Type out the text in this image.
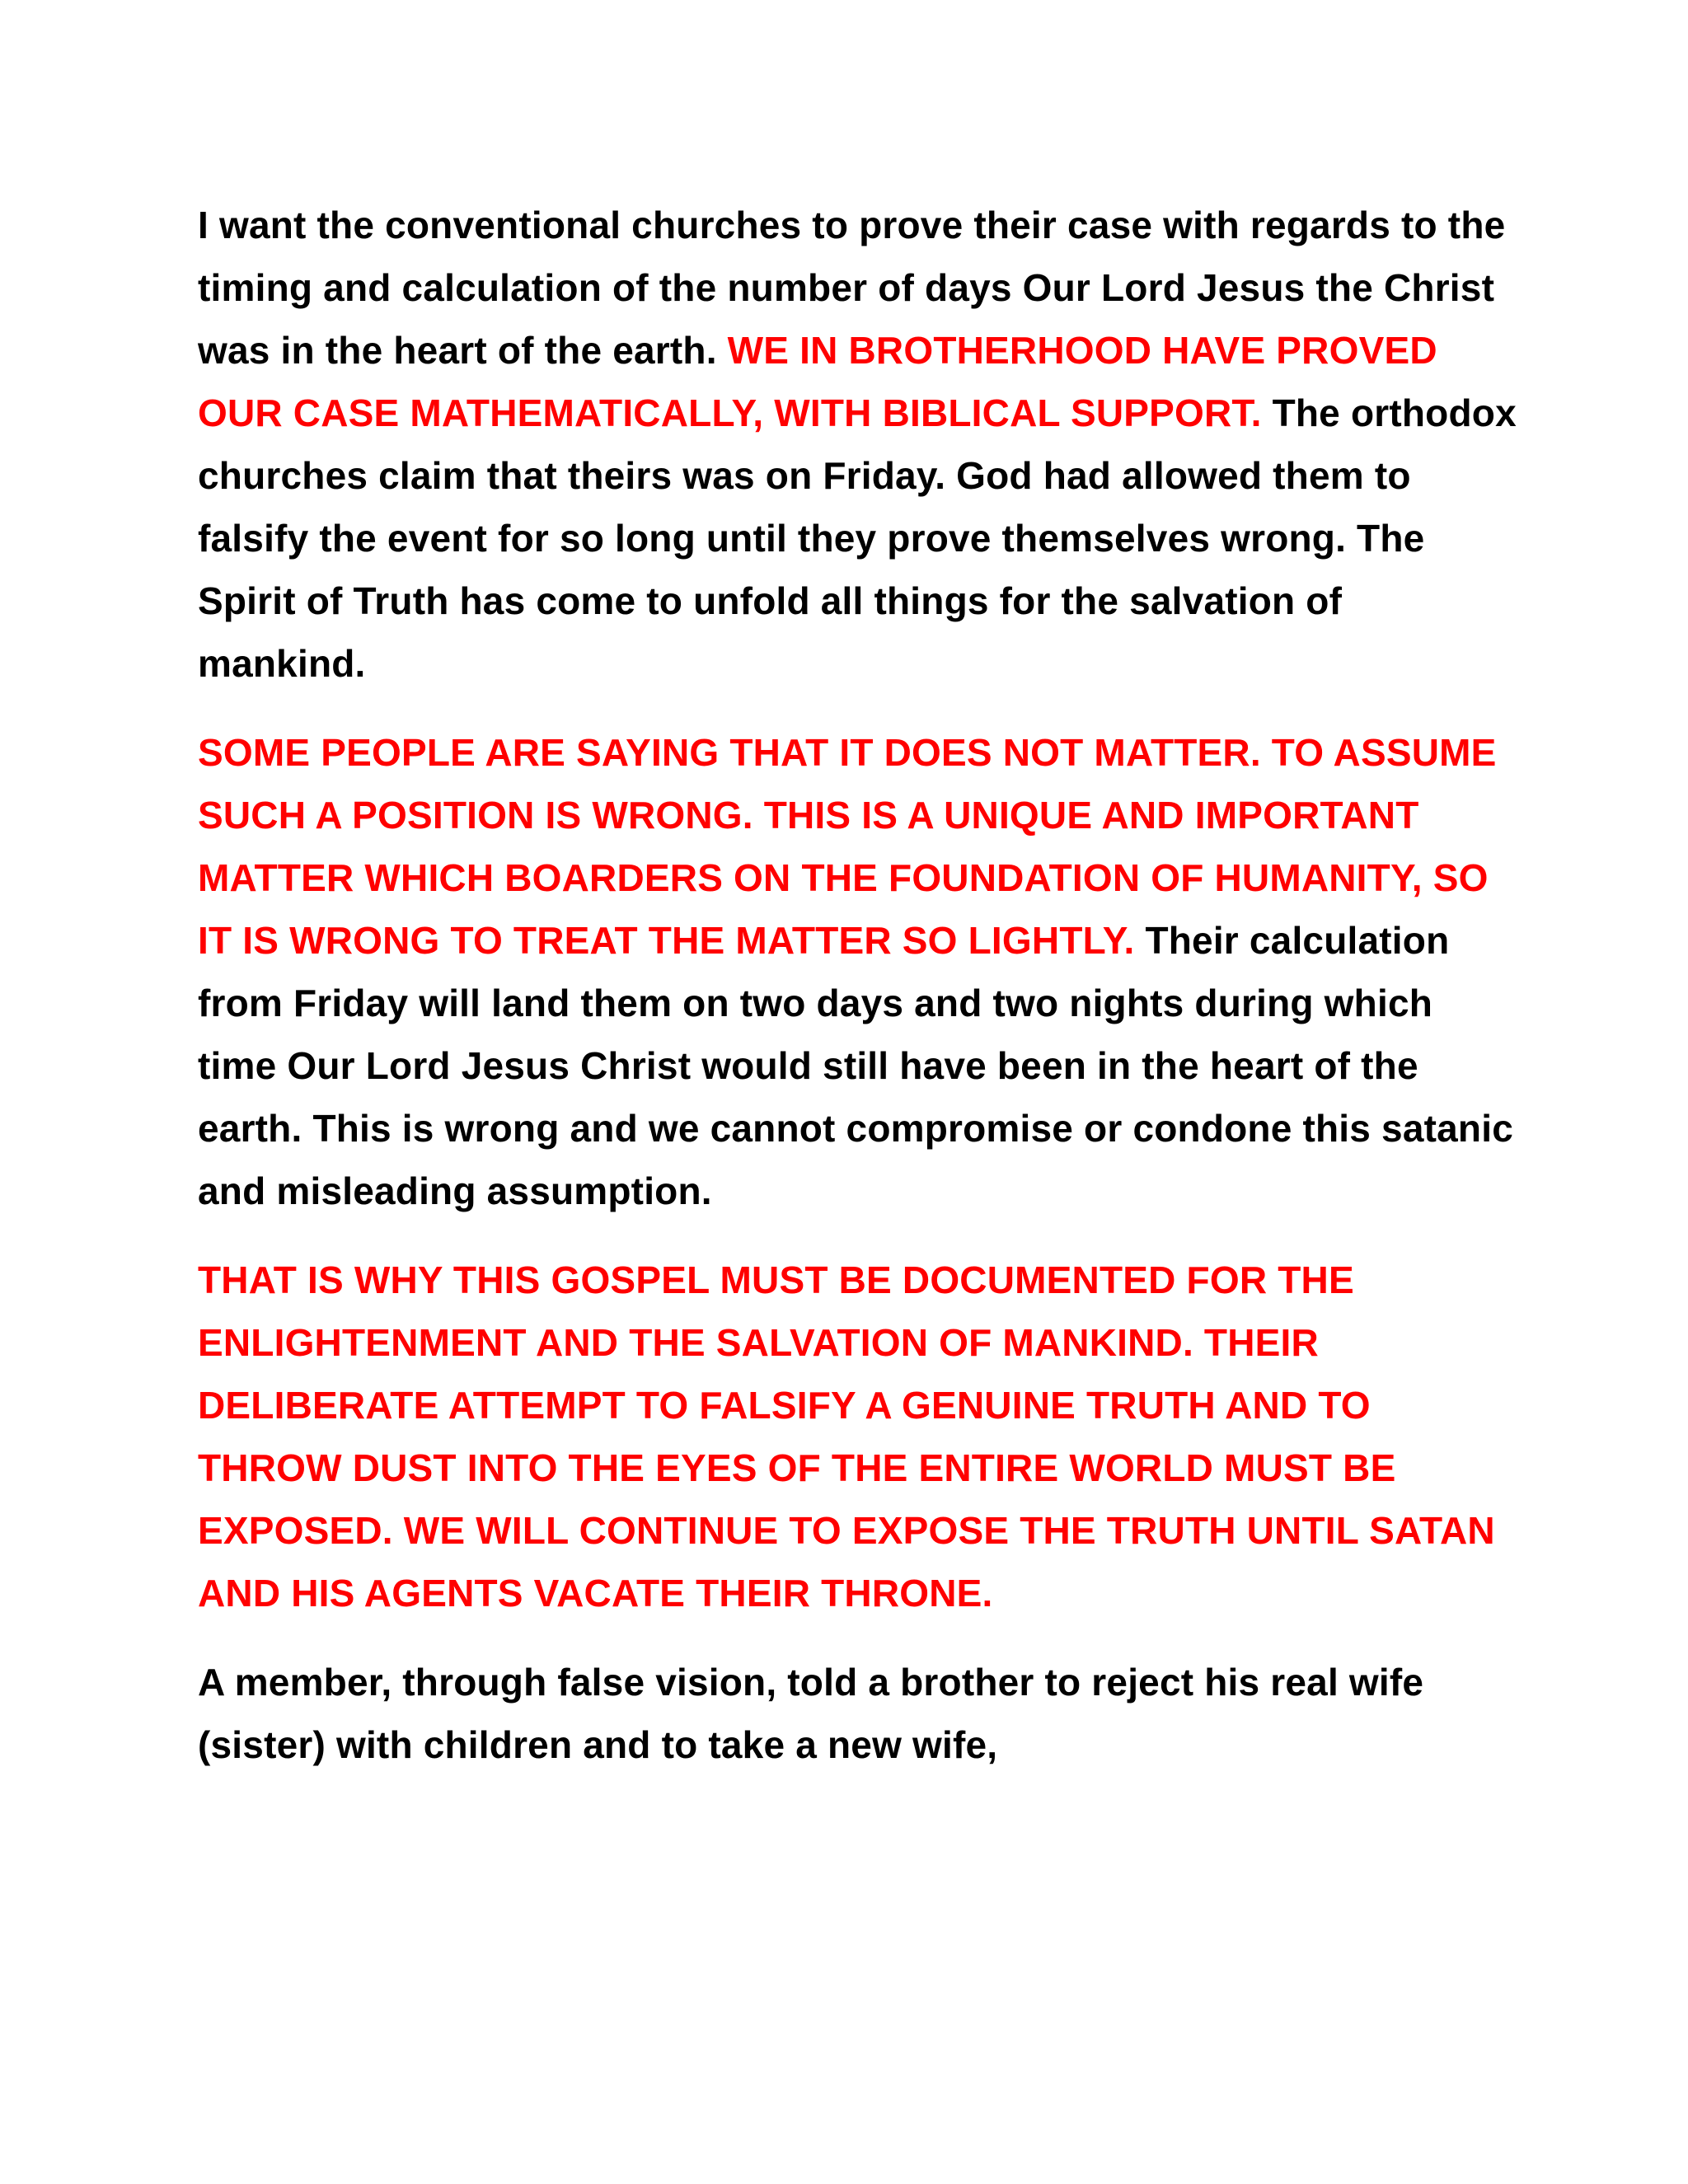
I want the conventional churches to prove their case with regards to the timing and calculation of the number of days Our Lord Jesus the Christ was in the heart of the earth. WE IN BROTHERHOOD HAVE PROVED OUR CASE MATHEMATICALLY, WITH BIBLICAL SUPPORT. The orthodox churches claim that theirs was on Friday. God had allowed them to falsify the event for so long until they prove themselves wrong. The Spirit of Truth has come to unfold all things for the salvation of mankind.

SOME PEOPLE ARE SAYING THAT IT DOES NOT MATTER. TO ASSUME SUCH A POSITION IS WRONG. THIS IS A UNIQUE AND IMPORTANT MATTER WHICH BOARDERS ON THE FOUNDATION OF HUMANITY, SO IT IS WRONG TO TREAT THE MATTER SO LIGHTLY. Their calculation from Friday will land them on two days and two nights during which time Our Lord Jesus Christ would still have been in the heart of the earth. This is wrong and we cannot compromise or condone this satanic and misleading assumption.

THAT IS WHY THIS GOSPEL MUST BE DOCUMENTED FOR THE ENLIGHTENMENT AND THE SALVATION OF MANKIND. THEIR DELIBERATE ATTEMPT TO FALSIFY A GENUINE TRUTH AND TO THROW DUST INTO THE EYES OF THE ENTIRE WORLD MUST BE EXPOSED. WE WILL CONTINUE TO EXPOSE THE TRUTH UNTIL SATAN AND HIS AGENTS VACATE THEIR THRONE.

A member, through false vision, told a brother to reject his real wife (sister) with children and to take a new wife,
